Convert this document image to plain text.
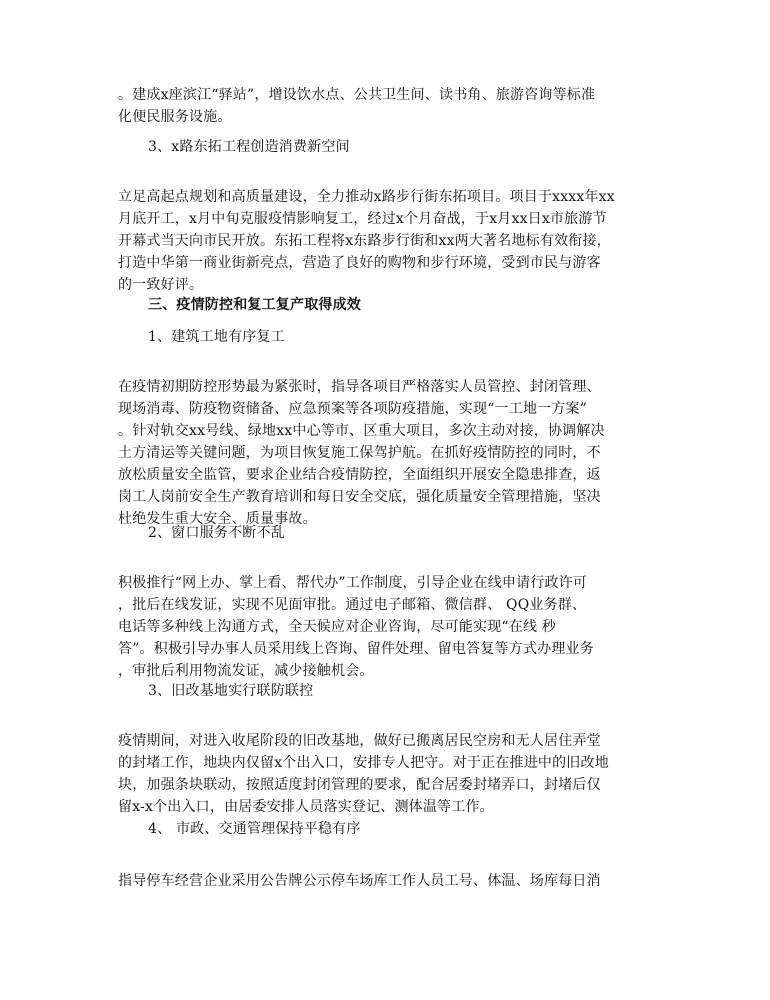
。建成x座滨江“驿站”，增设饮水点、公共卫生间、读书角、旅游咨询等标准
化便民服务设施。

3、x路东拓工程创造消费新空间

立足高起点规划和高质量建设，全力推动x路步行街东拓项目。项目于xxxx年xx
月底开工，x月中旬克服疫情影响复工，经过x个月奋战，于x月xx日x市旅游节
开幕式当天向市民开放。东拓工程将x东路步行街和xx两大著名地标有效衔接，
打造中华第一商业街新亮点，营造了良好的购物和步行环境，受到市民与游客
的一致好评。

三、疫情防控和复工复产取得成效

1、建筑工地有序复工

在疫情初期防控形势最为紧张时，指导各项目严格落实人员管控、封闭管理、
现场消毒、防疫物资储备、应急预案等各项防疫措施，实现“一工地一方案”
。针对轨交xx号线、绿地xx中心等市、区重大项目，多次主动对接，协调解决
土方清运等关键问题，为项目恢复施工保驾护航。在抓好疫情防控的同时，不
放松质量安全监管，要求企业结合疫情防控，全面组织开展安全隐患排查，返
岗工人岗前安全生产教育培训和每日安全交底，强化质量安全管理措施，坚决
杜绝发生重大安全、质量事故。

2、窗口服务不断不乱

积极推行“网上办、掌上看、帮代办”工作制度，引导企业在线申请行政许可
，批后在线发证，实现不见面审批。通过电子邮箱、微信群、 QQ业务群、
电话等多种线上沟通方式，全天候应对企业咨询，尽可能实现“在线 秒
答”。积极引导办事人员采用线上咨询、留件处理、留电答复等方式办理业务
，审批后利用物流发证，减少接触机会。

3、旧改基地实行联防联控

疫情期间，对进入收尾阶段的旧改基地，做好已搬离居民空房和无人居住弄堂
的封堵工作，地块内仅留x个出入口，安排专人把守。对于正在推进中的旧改地
块，加强条块联动，按照适度封闭管理的要求，配合居委封堵弄口，封堵后仅
留x-x个出入口，由居委安排人员落实登记、测体温等工作。

4、 市政、交通管理保持平稳有序

指导停车经营企业采用公告牌公示停车场库工作人员工号、体温、场库每日消
